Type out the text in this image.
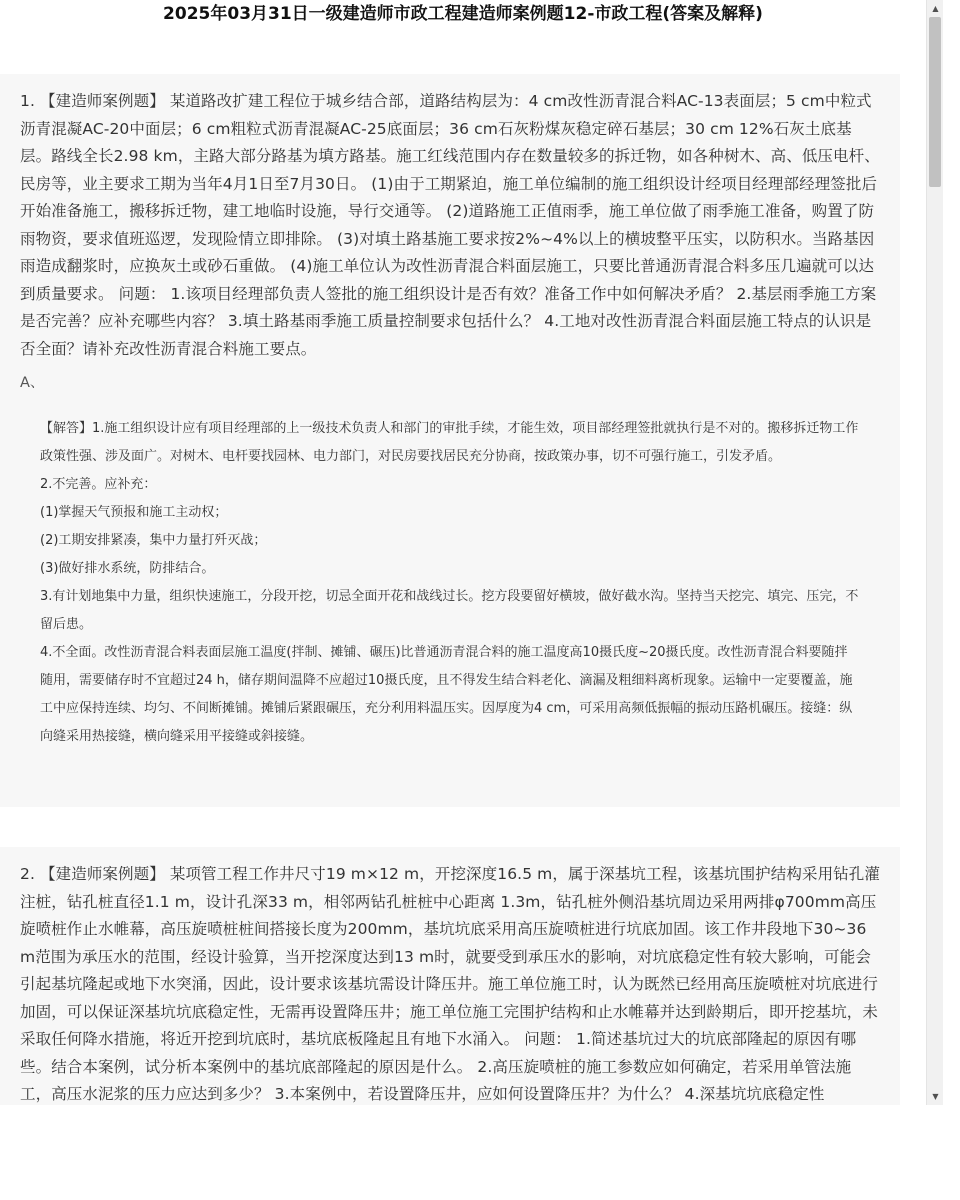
2025年03月31日一级建造师市政工程建造师案例题12-市政工程(答案及解释)

1. 【建造师案例题】 某道路改扩建工程位于城乡结合部，道路结构层为：4 cm改性沥青混合料AC-13表面层；5 cm中粒式沥青混凝AC-20中面层；6 cm粗粒式沥青混凝AC-25底面层；36 cm石灰粉煤灰稳定碎石基层；30 cm 12%石灰土底基层。路线全长2.98 km，主路大部分路基为填方路基。施工红线范围内存在数量较多的拆迁物，如各种树木、高、低压电杆、民房等，业主要求工期为当年4月1日至7月30日。 (1)由于工期紧迫，施工单位编制的施工组织设计经项目经理部经理签批后开始准备施工，搬移拆迁物，建工地临时设施，导行交通等。 (2)道路施工正值雨季，施工单位做了雨季施工准备，购置了防雨物资，要求值班巡逻，发现险情立即排除。 (3)对填土路基施工要求按2%~4%以上的横坡整平压实，以防积水。当路基因雨造成翻浆时，应换灰土或砂石重做。 (4)施工单位认为改性沥青混合料面层施工，只要比普通沥青混合料多压几遍就可以达到质量要求。 问题： 1.该项目经理部负责人签批的施工组织设计是否有效？准备工作中如何解决矛盾？ 2.基层雨季施工方案是否完善？应补充哪些内容？ 3.填土路基雨季施工质量控制要求包括什么？ 4.工地对改性沥青混合料面层施工特点的认识是否全面？请补充改性沥青混合料施工要点。

A、

【解答】1.施工组织设计应有项目经理部的上一级技术负责人和部门的审批手续，才能生效，项目部经理签批就执行是不对的。搬移拆迁物工作政策性强、涉及面广。对树木、电杆要找园林、电力部门，对民房要找居民充分协商，按政策办事，切不可强行施工，引发矛盾。

2.不完善。应补充：

(1)掌握天气预报和施工主动权；

(2)工期安排紧凑，集中力量打歼灭战；

(3)做好排水系统，防排结合。

3.有计划地集中力量，组织快速施工，分段开挖，切忌全面开花和战线过长。挖方段要留好横坡，做好截水沟。坚持当天挖完、填完、压完，不留后患。

4.不全面。改性沥青混合料表面层施工温度(拌制、摊铺、碾压)比普通沥青混合料的施工温度高10摄氏度~20摄氏度。改性沥青混合料要随拌随用，需要储存时不宜超过24 h，储存期间温降不应超过10摄氏度，且不得发生结合料老化、滴漏及粗细料离析现象。运输中一定要覆盖，施工中应保持连续、均匀、不间断摊铺。摊铺后紧跟碾压，充分利用料温压实。因厚度为4 cm，可采用高频低振幅的振动压路机碾压。接缝：纵向缝采用热接缝，横向缝采用平接缝或斜接缝。

2. 【建造师案例题】 某项管工程工作井尺寸19 m×12 m，开挖深度16.5 m，属于深基坑工程，该基坑围护结构采用钻孔灌注桩，钻孔桩直径1.1 m，设计孔深33 m，相邻两钻孔桩桩中心距离 1.3m，钻孔桩外侧沿基坑周边采用两排φ700mm高压旋喷桩作止水帷幕，高压旋喷桩桩间搭接长度为200mm，基坑坑底采用高压旋喷桩进行坑底加固。该工作井段地下30~36 m范围为承压水的范围，经设计验算，当开挖深度达到13 m时，就要受到承压水的影响，对坑底稳定性有较大影响，可能会引起基坑隆起或地下水突涌，因此，设计要求该基坑需设计降压井。施工单位施工时，认为既然已经用高压旋喷桩对坑底进行加固，可以保证深基坑坑底稳定性，无需再设置降压井；施工单位施工完围护结构和止水帷幕并达到龄期后，即开挖基坑，未采取任何降水措施，将近开挖到坑底时，基坑底板隆起且有地下水涌入。 问题： 1.简述基坑过大的坑底部隆起的原因有哪些。结合本案例，试分析本案例中的基坑底部隆起的原因是什么。 2.高压旋喷桩的施工参数应如何确定，若采用单管法施工，高压水泥浆的压力应达到多少？ 3.本案例中，若设置降压井，应如何设置降压井？为什么？ 4.深基坑坑底稳定性

▲
▼
